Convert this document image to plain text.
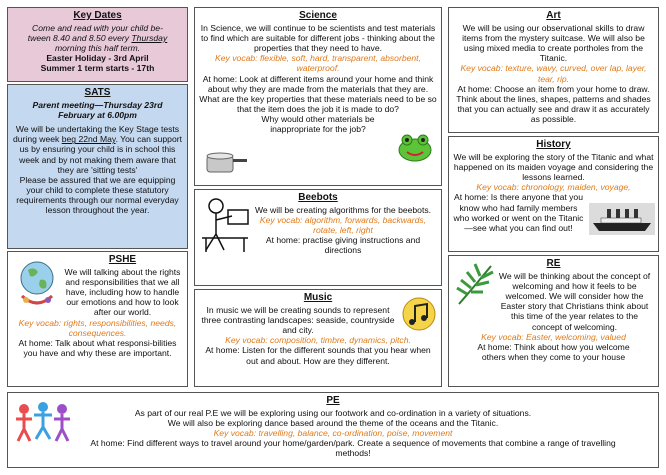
Key Dates

Come and read with your child be-

tween 8.40 and 8.50 every Thursday

morning this half term.

Easter Holiday - 3rd April

Summer 1 term starts - 17th

SATS

Parent meeting—Thursday 23rd

February at 6.00pm

We will be undertaking the Key Stage tests during week beg 22nd May. You can support us by ensuring your child is in school this week and by not making them aware that they are 'sitting tests'

Please be assured that we are equipping your child to complete these statutory requirements through our normal everyday lesson throughout the year.

PSHE

We will talking about the rights and responsibilities that we all have, including how to handle our emotions and how to look after our world.

Key vocab: rights, responsibilities, needs, consequences.

At home: Talk about what responsi-bilities you have and why these are important.

Science

In Science, we will continue to be scientists and test materials to find which are suitable for different jobs - thinking about the properties that they need to have.

Key vocab: flexible, soft, hard, transparent, absorbent, waterproof.

At home: Look at different items around your home and think about why they are made from the materials that they are. What are the key properties that these materials need to be so that the item does the job it is made to do?

Why would other materials be inappropriate for the job?

Beebots

We will be creating algorithms for the beebots.

Key vocab: algorithm, forwards, backwards, rotate, left, right

At home: practise giving instructions and directions

Music

In music we will be creating sounds to represent three contrasting landscapes: seaside, countryside and city.

Key vocab: composition, timbre, dynamics, pitch.

At home: Listen for the different sounds that you hear when out and about. How are they different.

Art

We will be using our observational skills to draw items from the mystery suitcase. We will also be using mixed media to create portholes from the Titanic.

Key vocab: texture, wavy, curved, over lap, layer, tear, rip.

At home: Choose an item from your home to draw. Think about the lines, shapes, patterns and shades that you can actually see and draw it as accurately as possible.

History

We will be exploring the story of the Titanic and what happened on its maiden voyage and considering the lessons learned.

Key vocab: chronology, maiden, voyage,

At home: Is there anyone that you know who had family members who worked or went on the Titanic—see what you can find out!

RE

We will be thinking about the concept of welcoming and how it feels to be welcomed. We will consider how the Easter story that Christians think about this time of the year relates to the concept of welcoming.

Key vocab: Easter, welcoming, valued

At home: Think about how you welcome others when they come to your house

PE

As part of our real P.E we will be exploring using our footwork and co-ordination in a variety of situations.

We will also be exploring dance based around the theme of the oceans and the Titanic.

Key vocab: travelling, balance, co-ordination, poise, movement

At home: Find different ways to travel around your home/garden/park. Create a sequence of movements that combine a range of travelling methods!
